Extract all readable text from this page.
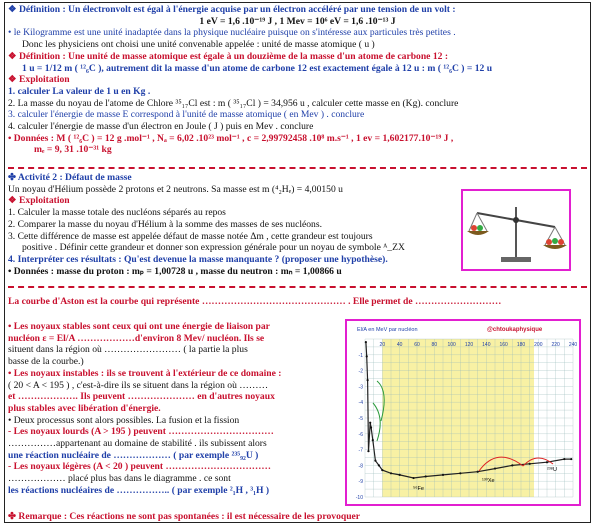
❖ Définition : Un électronvolt est égal à l'énergie acquise par un électron accéléré par une tension de un volt :
1 eV = 1,6 .10⁻¹⁹ J , 1 Mev = 10⁶ eV = 1,6 .10⁻¹³ J
• le Kilogramme est une unité inadaptée dans la physique nucléaire puisque on s'intéresse aux particules très petites .
Donc les physiciens ont choisi une unité convenable appelée : unité de masse atomique ( u )
❖ Définition : Une unité de masse atomique est égale à un douzième de la masse d'un atome de carbone 12 :
1 u = 1/12 m ( ¹²₆C ), autrement dit la masse d'un atome de carbone 12 est exactement égale à 12 u : m ( ¹²₆C ) = 12 u
❖ Exploitation
1. calculer La valeur de 1 u en Kg .
2. La masse du noyau de l'atome de Chlore ³⁵₁₇Cl est : m ( ³⁵₁₇Cl ) = 34,956 u , calculer cette masse en (Kg). conclure
3. calculer l'énergie de masse E correspond à l'unité de masse atomique ( en Mev ) . conclure
4. calculer l'énergie de masse d'un électron en Joule ( J ) puis en Mev . conclure
• Données : M ( ¹²₆C ) = 12 g .mol⁻¹ , Nₐ = 6,02 .10²³ mol⁻¹ , c = 2,99792458 .10⁸ m.s⁻¹ , 1 ev = 1,602177.10⁻¹⁹ J ,
mₑ = 9, 31 .10⁻³¹ kg
✤ Activité 2 : Défaut de masse
Un noyau d'Hélium possède 2 protons et 2 neutrons. Sa masse est m (⁴₂Hₑ) = 4,00150 u
❖ Exploitation
1. Calculer la masse totale des nucléons séparés au repos
2. Comparer la masse du noyau d'Hélium à la somme des masses de ses nucléons.
3. Cette différence de masse est appelée défaut de masse notée Δm , cette grandeur est toujours
positive . Définir cette grandeur et donner son expression générale pour un noyau de symbole ᴬ_ZX
4. Interpréter ces résultats : Qu'est devenue la masse manquante ? (proposer une hypothèse).
• Données : masse du proton : mₚ = 1,00728 u , masse du neutron : mₙ = 1,00866 u
La courbe d'Aston est la courbe qui représente ……………………………………… . Elle permet de ………………………
• Les noyaux stables sont ceux qui ont une énergie de liaison par
nucléon ε = El/A ………………d'environ 8 Mev/ nucléon. Ils se
situent dans la région où …………………… ( la partie la plus
basse de la courbe.)
• Les noyaux instables : ils se trouvent à l'extérieur de ce domaine :
( 20 < A < 195 ) , c'est-à-dire ils se situent dans la région où ………
et ………………. Ils peuvent ………………… en d'autres noyaux
plus stables avec libération d'énergie.
• Deux processus sont alors possibles. La fusion et la fission
- Les noyaux lourds (A > 195 ) peuvent ……………………………
……………appartenant au domaine de stabilité . ils subissent alors
une réaction nucléaire de ……………… ( par exemple ²³⁵₉₂U )
- Les noyaux légères (A < 20 ) peuvent ……………………………
……………… placé plus bas dans le diagramme . ce sont
les réactions nucléaires de …………….. ( par exemple ²₁H , ³₁H )
20 40 60 80 100 120 140 160 180 200 220 240
-1
-2
-3
-4
-5
-6
-7
-8
-9
-10
El/A en MeV par nucléon	@chtoukaphysique
⁵⁶Fe
¹³⁰Xe
²³⁸U
✤ Remarque : Ces réactions ne sont pas spontanées : il est nécessaire de les provoquer
